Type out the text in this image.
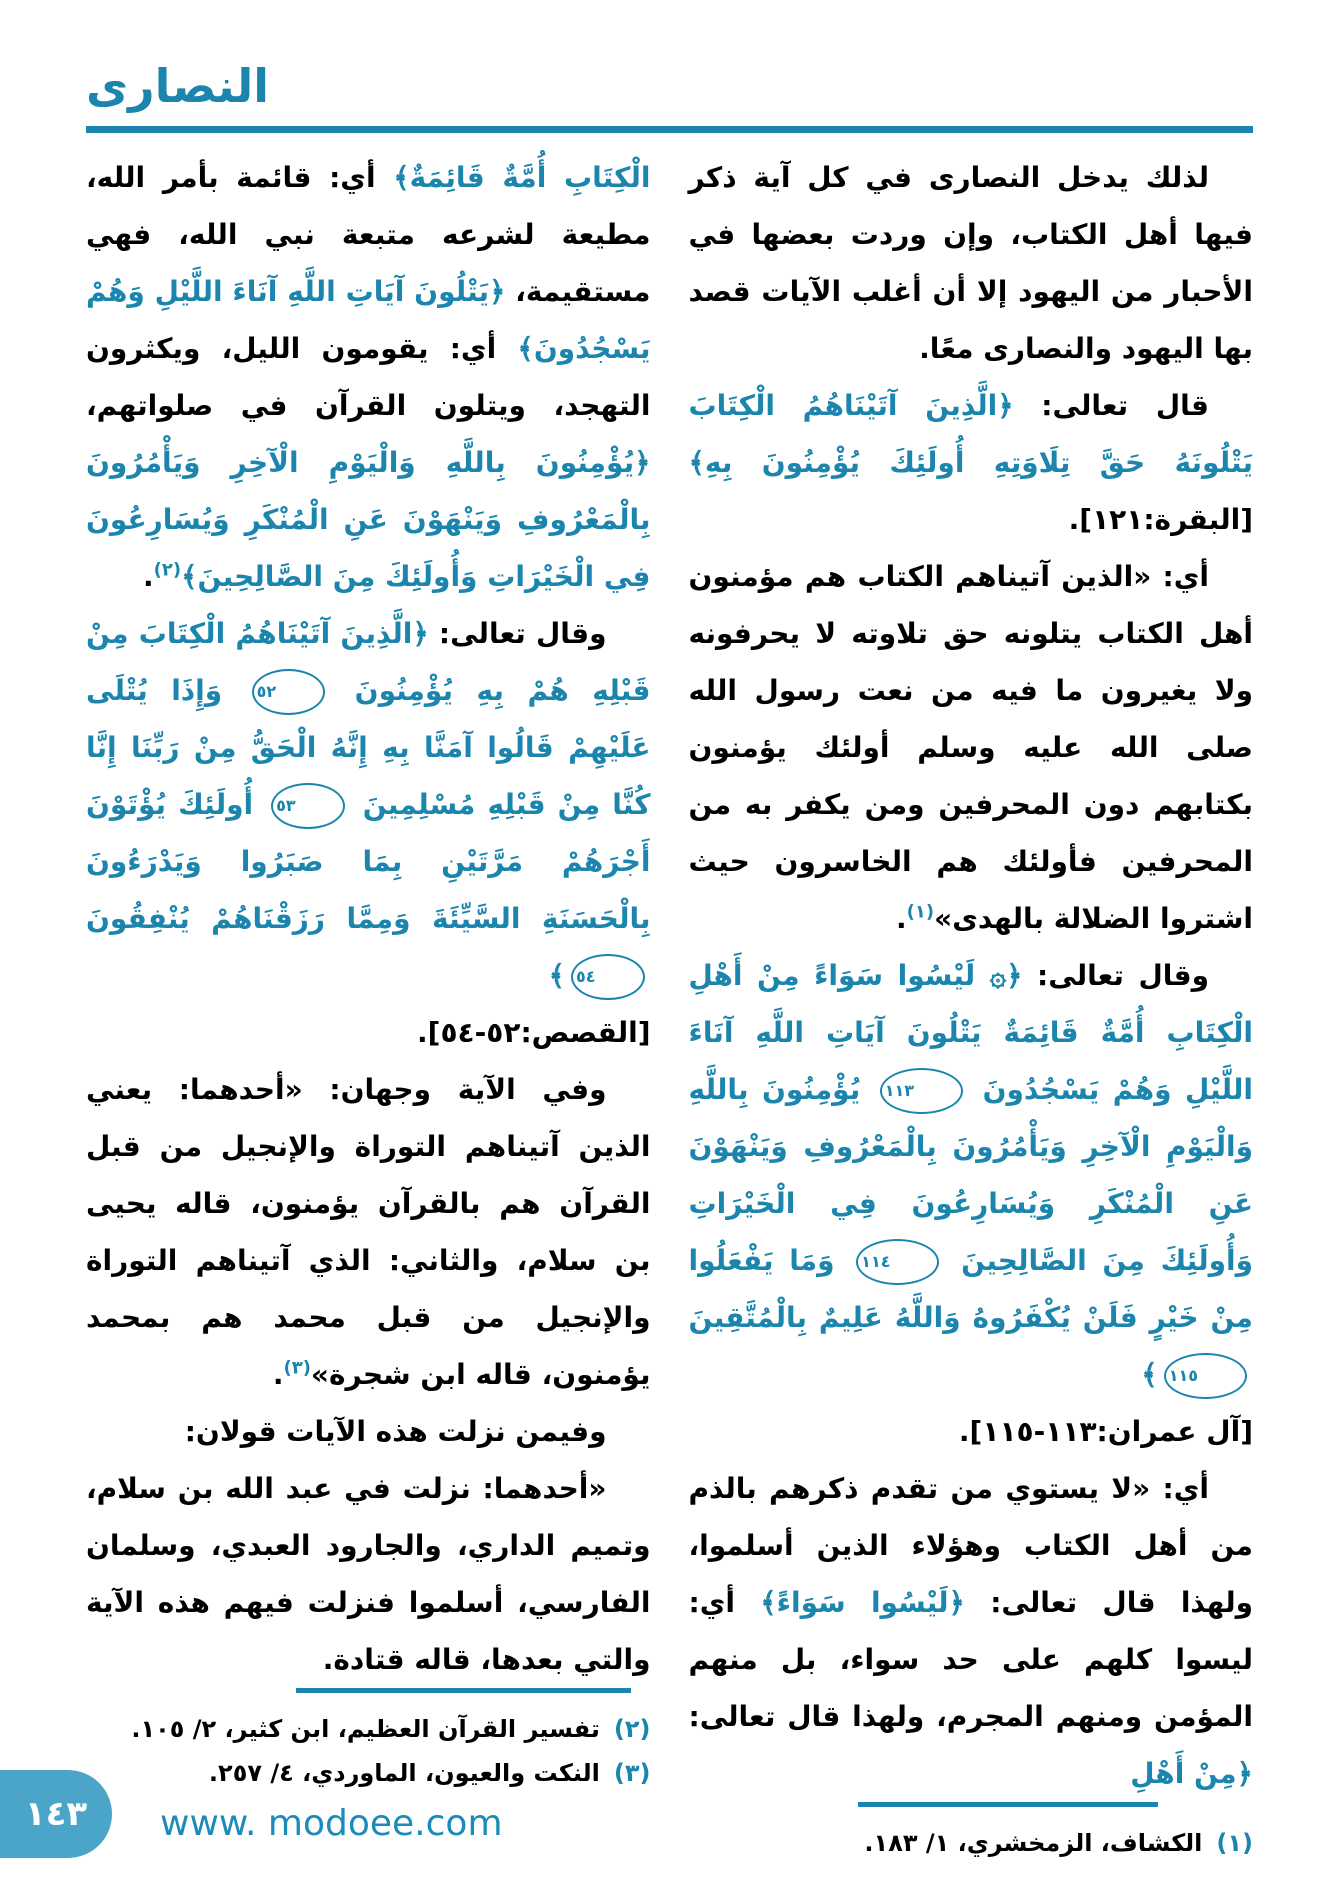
النصارى

لذلك يدخل النصارى في كل آية ذكر فيها أهل الكتاب، وإن وردت بعضها في الأحبار من اليهود إلا أن أغلب الآيات قصد بها اليهود والنصارى معًا.

قال تعالى: ﴿الَّذِينَ آتَيْنَاهُمُ الْكِتَابَ يَتْلُونَهُ حَقَّ تِلَاوَتِهِ أُولَئِكَ يُؤْمِنُونَ بِهِ﴾ [البقرة:١٢١].

أي: «الذين آتيناهم الكتاب هم مؤمنون أهل الكتاب يتلونه حق تلاوته لا يحرفونه ولا يغيرون ما فيه من نعت رسول الله صلى الله عليه وسلم أولئك يؤمنون بكتابهم دون المحرفين ومن يكفر به من المحرفين فأولئك هم الخاسرون حيث اشتروا الضلالة بالهدى»$^{(١)}$.

وقال تعالى: ﴿۞ لَيْسُوا سَوَاءً مِنْ أَهْلِ الْكِتَابِ أُمَّةٌ قَائِمَةٌ يَتْلُونَ آيَاتِ اللَّهِ آنَاءَ اللَّيْلِ وَهُمْ يَسْجُدُونَ ١١٣ يُؤْمِنُونَ بِاللَّهِ وَالْيَوْمِ الْآخِرِ وَيَأْمُرُونَ بِالْمَعْرُوفِ وَيَنْهَوْنَ عَنِ الْمُنْكَرِ وَيُسَارِعُونَ فِي الْخَيْرَاتِ وَأُولَئِكَ مِنَ الصَّالِحِينَ ١١٤ وَمَا يَفْعَلُوا مِنْ خَيْرٍ فَلَنْ يُكْفَرُوهُ وَاللَّهُ عَلِيمٌ بِالْمُتَّقِينَ ١١٥﴾

[آل عمران:١١٣-١١٥].

أي: «لا يستوي من تقدم ذكرهم بالذم من أهل الكتاب وهؤلاء الذين أسلموا، ولهذا قال تعالى: ﴿لَيْسُوا سَوَاءً﴾ أي: ليسوا كلهم على حد سواء، بل منهم المؤمن ومنهم المجرم، ولهذا قال تعالى: ﴿مِنْ أَهْلِ

(١)
الكشاف، الزمخشري، ١/ ١٨٣.

الْكِتَابِ أُمَّةٌ قَائِمَةٌ﴾ أي: قائمة بأمر الله، مطيعة لشرعه متبعة نبي الله، فهي مستقيمة، ﴿يَتْلُونَ آيَاتِ اللَّهِ آنَاءَ اللَّيْلِ وَهُمْ يَسْجُدُونَ﴾ أي: يقومون الليل، ويكثرون التهجد، ويتلون القرآن في صلواتهم، ﴿يُؤْمِنُونَ بِاللَّهِ وَالْيَوْمِ الْآخِرِ وَيَأْمُرُونَ بِالْمَعْرُوفِ وَيَنْهَوْنَ عَنِ الْمُنْكَرِ وَيُسَارِعُونَ فِي الْخَيْرَاتِ وَأُولَئِكَ مِنَ الصَّالِحِينَ﴾$^{(٢)}$.

وقال تعالى: ﴿الَّذِينَ آتَيْنَاهُمُ الْكِتَابَ مِنْ قَبْلِهِ هُمْ بِهِ يُؤْمِنُونَ ٥٢ وَإِذَا يُتْلَى عَلَيْهِمْ قَالُوا آمَنَّا بِهِ إِنَّهُ الْحَقُّ مِنْ رَبِّنَا إِنَّا كُنَّا مِنْ قَبْلِهِ مُسْلِمِينَ ٥٣ أُولَئِكَ يُؤْتَوْنَ أَجْرَهُمْ مَرَّتَيْنِ بِمَا صَبَرُوا وَيَدْرَءُونَ بِالْحَسَنَةِ السَّيِّئَةَ وَمِمَّا رَزَقْنَاهُمْ يُنْفِقُونَ ٥٤﴾

[القصص:٥٢-٥٤].

وفي الآية وجهان: «أحدهما: يعني الذين آتيناهم التوراة والإنجيل من قبل القرآن هم بالقرآن يؤمنون، قاله يحيى بن سلام، والثاني: الذي آتيناهم التوراة والإنجيل من قبل محمد هم بمحمد يؤمنون، قاله ابن شجرة»$^{(٣)}$.

وفيمن نزلت هذه الآيات قولان:

«أحدهما: نزلت في عبد الله بن سلام، وتميم الداري، والجارود العبدي، وسلمان الفارسي، أسلموا فنزلت فيهم هذه الآية والتي بعدها، قاله قتادة.

(٢)
تفسير القرآن العظيم، ابن كثير، ٢/ ١٠٥.
(٣)
النكت والعيون، الماوردي، ٤/ ٢٥٧.
١٤٣ www. modoee.com
